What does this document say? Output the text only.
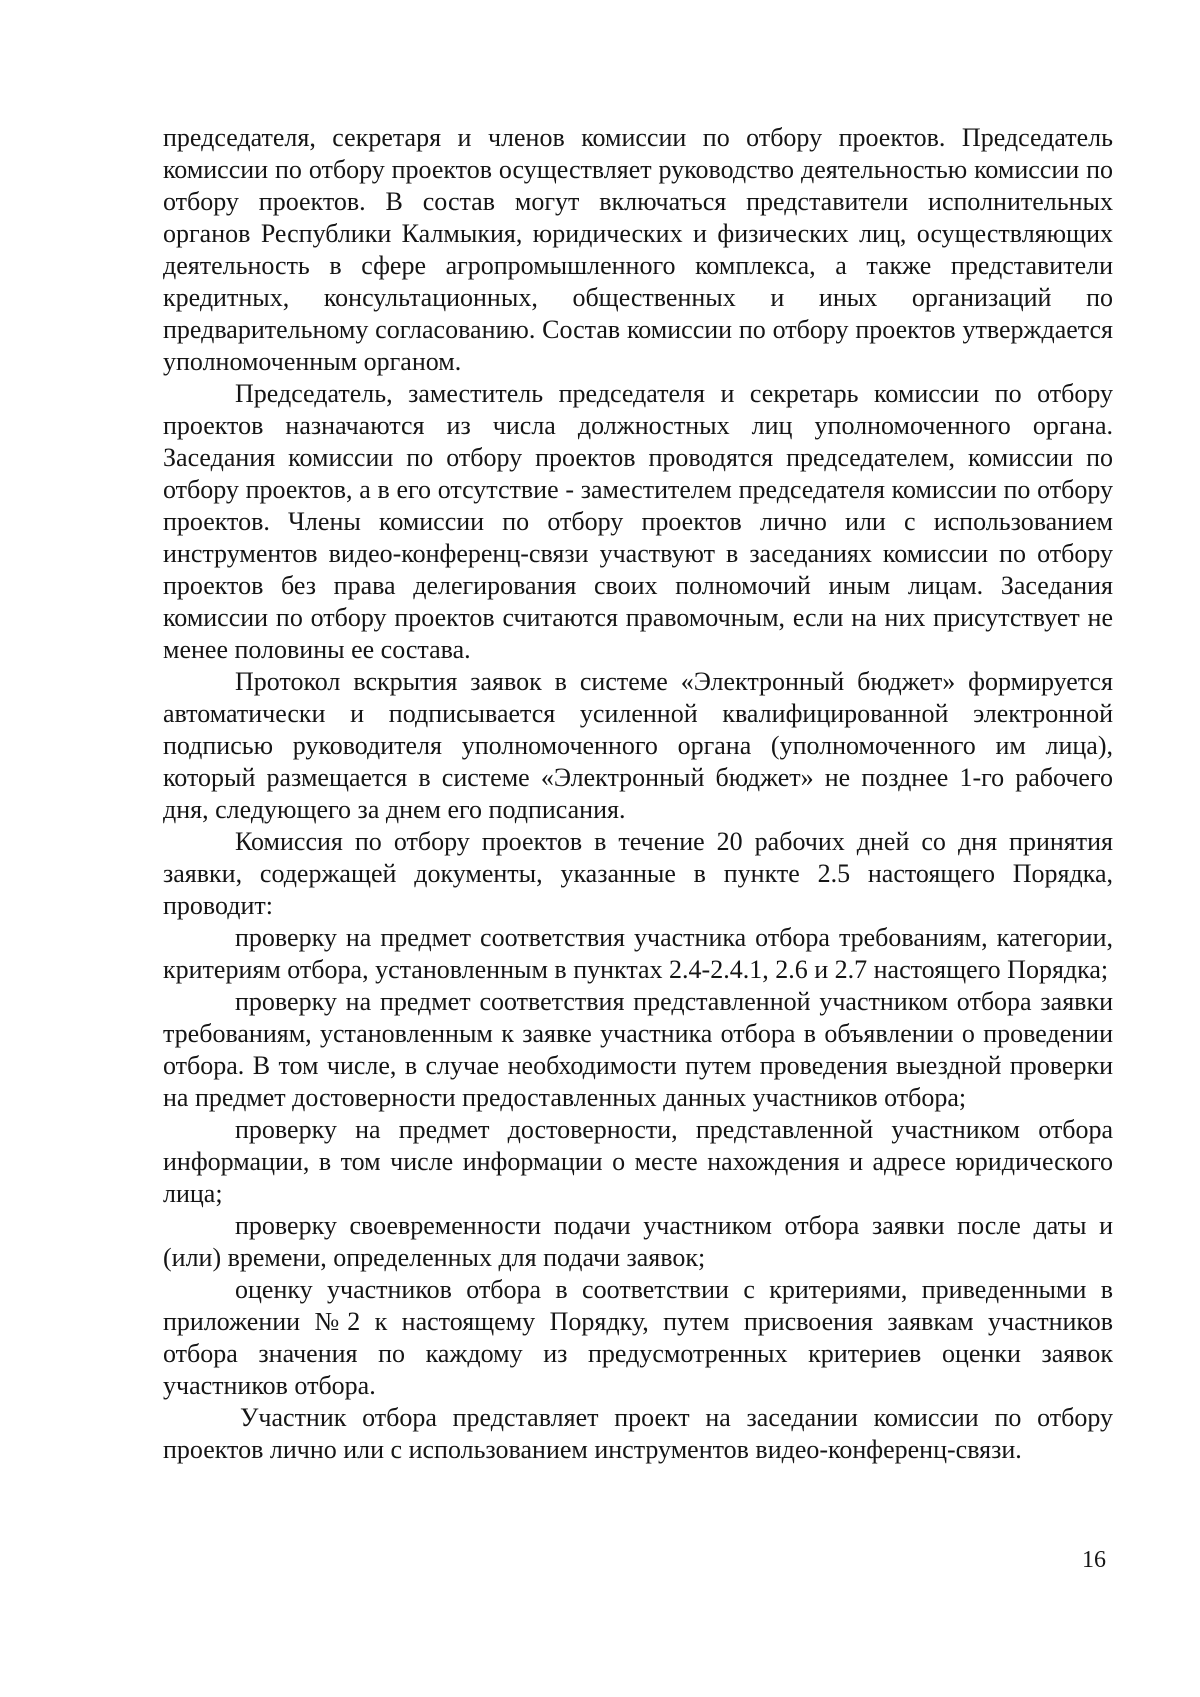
председателя, секретаря и членов комиссии по отбору проектов. Председатель комиссии по отбору проектов осуществляет руководство деятельностью комиссии по отбору проектов. В состав могут включаться представители исполнительных органов Республики Калмыкия, юридических и физических лиц, осуществляющих деятельность в сфере агропромышленного комплекса, а также представители кредитных, консультационных, общественных и иных организаций по предварительному согласованию. Состав комиссии по отбору проектов утверждается уполномоченным органом.

Председатель, заместитель председателя и секретарь комиссии по отбору проектов назначаются из числа должностных лиц уполномоченного органа. Заседания комиссии по отбору проектов проводятся председателем, комиссии по отбору проектов, а в его отсутствие - заместителем председателя комиссии по отбору проектов. Члены комиссии по отбору проектов лично или с использованием инструментов видео-конференц-связи участвуют в заседаниях комиссии по отбору проектов без права делегирования своих полномочий иным лицам. Заседания комиссии по отбору проектов считаются правомочным, если на них присутствует не менее половины ее состава.

Протокол вскрытия заявок в системе «Электронный бюджет» формируется автоматически и подписывается усиленной квалифицированной электронной подписью руководителя уполномоченного органа (уполномоченного им лица), который размещается в системе «Электронный бюджет» не позднее 1-го рабочего дня, следующего за днем его подписания.

Комиссия по отбору проектов в течение 20 рабочих дней со дня принятия заявки, содержащей документы, указанные в пункте 2.5 настоящего Порядка, проводит:

проверку на предмет соответствия участника отбора требованиям, категории, критериям отбора, установленным в пунктах 2.4-2.4.1, 2.6 и 2.7 настоящего Порядка;

проверку на предмет соответствия представленной участником отбора заявки требованиям, установленным к заявке участника отбора в объявлении о проведении отбора. В том числе, в случае необходимости путем проведения выездной проверки на предмет достоверности предоставленных данных участников отбора;

проверку на предмет достоверности, представленной участником отбора информации, в том числе информации о месте нахождения и адресе юридического лица;

проверку своевременности подачи участником отбора заявки после даты и (или) времени, определенных для подачи заявок;

оценку участников отбора в соответствии с критериями, приведенными в приложении №2 к настоящему Порядку, путем присвоения заявкам участников отбора значения по каждому из предусмотренных критериев оценки заявок участников отбора.

Участник отбора представляет проект на заседании комиссии по отбору проектов лично или с использованием инструментов видео-конференц-связи.

16
